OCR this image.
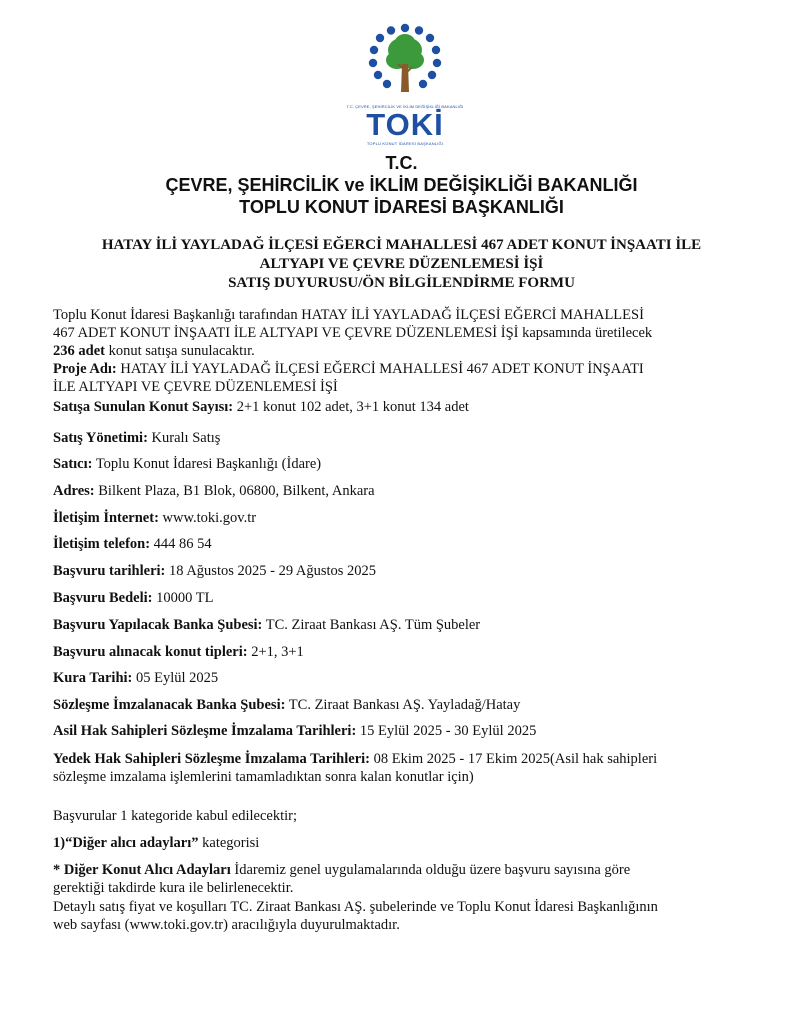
T.C. ÇEVRE, ŞEHİRCİLİK VE İKLİM DEĞİŞİKLİĞİ BAKANLIĞI
TOKİ
TOPLU KONUT İDARESİ BAŞKANLIĞI
T.C.
ÇEVRE, ŞEHİRCİLİK ve İKLİM DEĞİŞİKLİĞİ BAKANLIĞI
TOPLU KONUT İDARESİ BAŞKANLIĞI
HATAY İLİ YAYLADAĞ İLÇESİ EĞERCİ MAHALLESİ 467 ADET KONUT İNŞAATI İLE
ALTYAPI VE ÇEVRE DÜZENLEMESİ İŞİ
SATIŞ DUYURUSU/ÖN BİLGİLENDİRME FORMU
Toplu Konut İdaresi Başkanlığı tarafından HATAY İLİ YAYLADAĞ İLÇESİ EĞERCİ MAHALLESİ
467 ADET KONUT İNŞAATI İLE ALTYAPI VE ÇEVRE DÜZENLEMESİ İŞİ kapsamında üretilecek
236 adet konut satışa sunulacaktır.
Proje Adı: HATAY İLİ YAYLADAĞ İLÇESİ EĞERCİ MAHALLESİ 467 ADET KONUT İNŞAATI
İLE ALTYAPI VE ÇEVRE DÜZENLEMESİ İŞİ
Satışa Sunulan Konut Sayısı: 2+1 konut 102 adet, 3+1 konut 134 adet
Satış Yönetimi: Kuralı Satış
Satıcı: Toplu Konut İdaresi Başkanlığı (İdare)
Adres: Bilkent Plaza, B1 Blok, 06800, Bilkent, Ankara
İletişim İnternet: www.toki.gov.tr
İletişim telefon: 444 86 54
Başvuru tarihleri: 18 Ağustos 2025 - 29 Ağustos 2025
Başvuru Bedeli: 10000 TL
Başvuru Yapılacak Banka Şubesi: TC. Ziraat Bankası AŞ. Tüm Şubeler
Başvuru alınacak konut tipleri: 2+1, 3+1
Kura Tarihi: 05 Eylül 2025
Sözleşme İmzalanacak Banka Şubesi: TC. Ziraat Bankası AŞ. Yayladağ/Hatay
Asil Hak Sahipleri Sözleşme İmzalama Tarihleri: 15 Eylül 2025 - 30 Eylül 2025
Yedek Hak Sahipleri Sözleşme İmzalama Tarihleri: 08 Ekim 2025 - 17 Ekim 2025(Asil hak sahipleri
sözleşme imzalama işlemlerini tamamladıktan sonra kalan konutlar için)
Başvurular 1 kategoride kabul edilecektir;
1)“Diğer alıcı adayları” kategorisi
* Diğer Konut Alıcı Adayları İdaremiz genel uygulamalarında olduğu üzere başvuru sayısına göre
gerektiği takdirde kura ile belirlenecektir.
Detaylı satış fiyat ve koşulları TC. Ziraat Bankası AŞ. şubelerinde ve Toplu Konut İdaresi Başkanlığının
web sayfası (www.toki.gov.tr) aracılığıyla duyurulmaktadır.
